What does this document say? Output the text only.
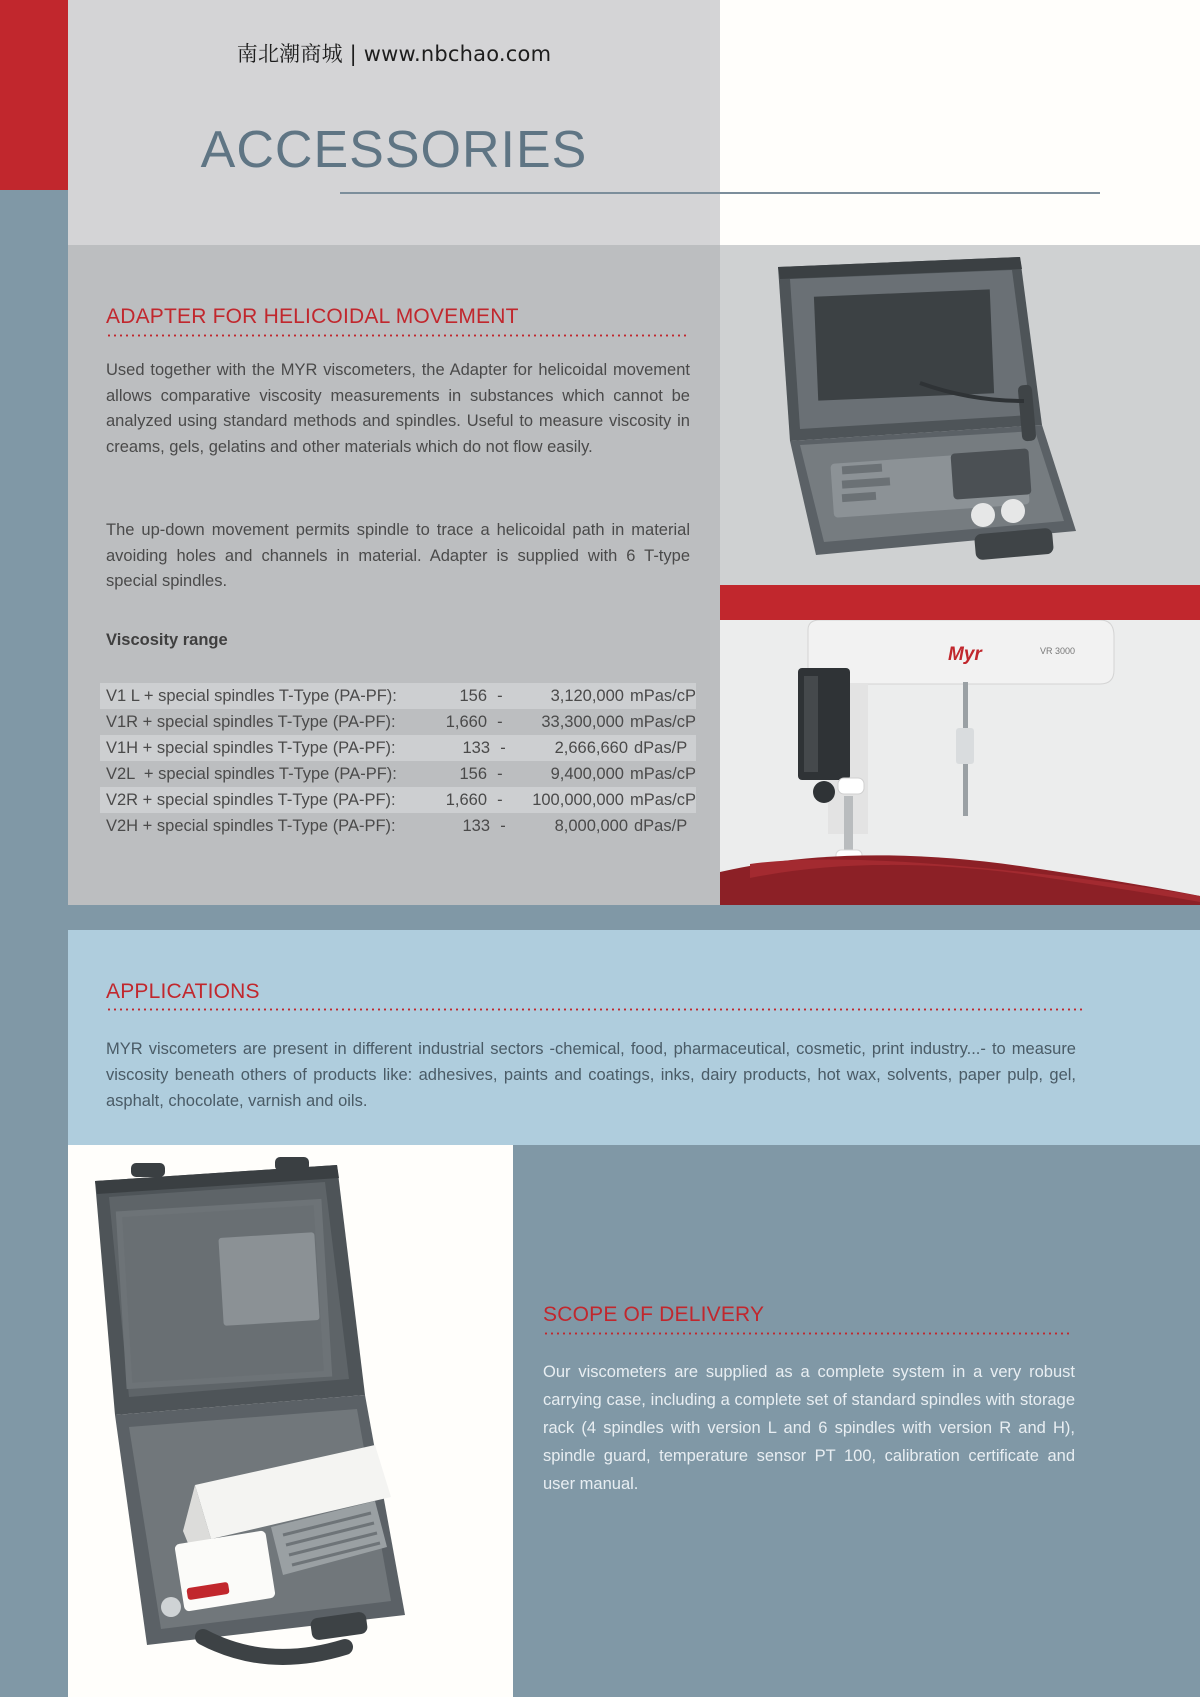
南北潮商城 | www.nbchao.com
ACCESSORIES
ADAPTER FOR HELICOIDAL MOVEMENT
Used together with the MYR viscometers, the Adapter for helicoidal movement allows comparative viscosity measurements in substances which cannot be analyzed using standard methods and spindles. Useful to measure viscosity in creams, gels, gelatins and other materials which do not flow easily.
The up-down movement permits spindle to trace a helicoidal path in material avoiding holes and channels in material. Adapter is supplied with 6 T-type special spindles.
Viscosity range
V1 L + special spindles T-Type (PA-PF):	156 -	3,120,000 mPas/cP
V1R + special spindles T-Type (PA-PF):	1,660 -	33,300,000 mPas/cP
V1H + special spindles T-Type (PA-PF):	133 -	2,666,660 dPas/P
V2L  + special spindles T-Type (PA-PF):	156 -	9,400,000 mPas/cP
V2R + special spindles T-Type (PA-PF):	1,660 -	100,000,000 mPas/cP
V2H + special spindles T-Type (PA-PF):	133 -	8,000,000 dPas/P
Myr	VR 3000
APPLICATIONS
MYR viscometers are present in different industrial sectors -chemical, food, pharmaceutical, cosmetic, print industry...- to measure viscosity beneath others of products like: adhesives, paints and coatings, inks, dairy products, hot wax, solvents, paper pulp, gel, asphalt, chocolate, varnish and oils.
SCOPE OF DELIVERY
Our viscometers are supplied as a complete system in a very robust carrying case, including a complete set of standard spindles with storage rack (4 spindles with version L and 6 spindles with version R and H), spindle guard, temperature sensor PT 100, calibration certificate and user manual.
